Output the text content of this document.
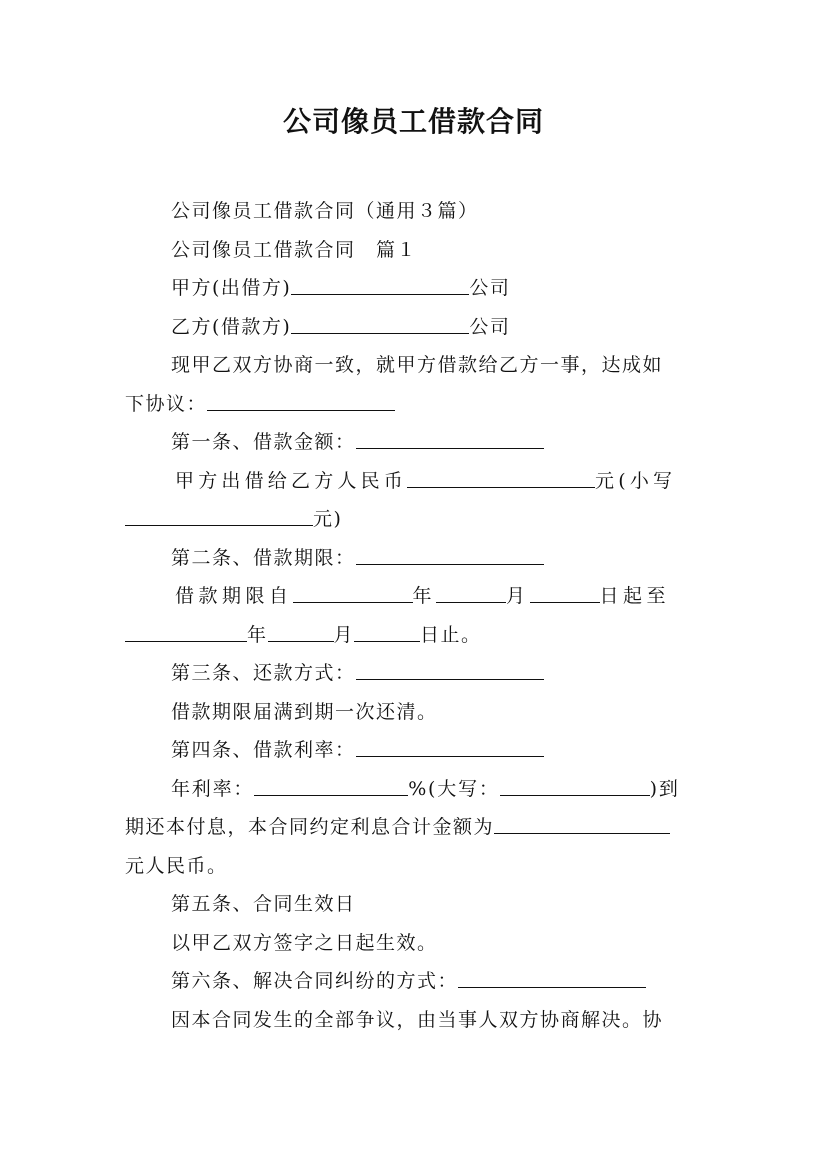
公司像员工借款合同
公司像员工借款合同（通用３篇）
公司像员工借款合同　篇１
甲方(出借方)	公司
乙方(借款方)	公司
现甲乙双方协商一致，就甲方借款给乙方一事，达成如
下协议：
第一条、借款金额：
甲方出借给乙方人民币	元(小写
元)
第二条、借款期限：
借款期限自	年	月	日起至
年	月	日止。
第三条、还款方式：
借款期限届满到期一次还清。
第四条、借款利率：
年利率：	%(大写：	)到
期还本付息，本合同约定利息合计金额为
元人民币。
第五条、合同生效日
以甲乙双方签字之日起生效。
第六条、解决合同纠纷的方式：
因本合同发生的全部争议，由当事人双方协商解决。协
